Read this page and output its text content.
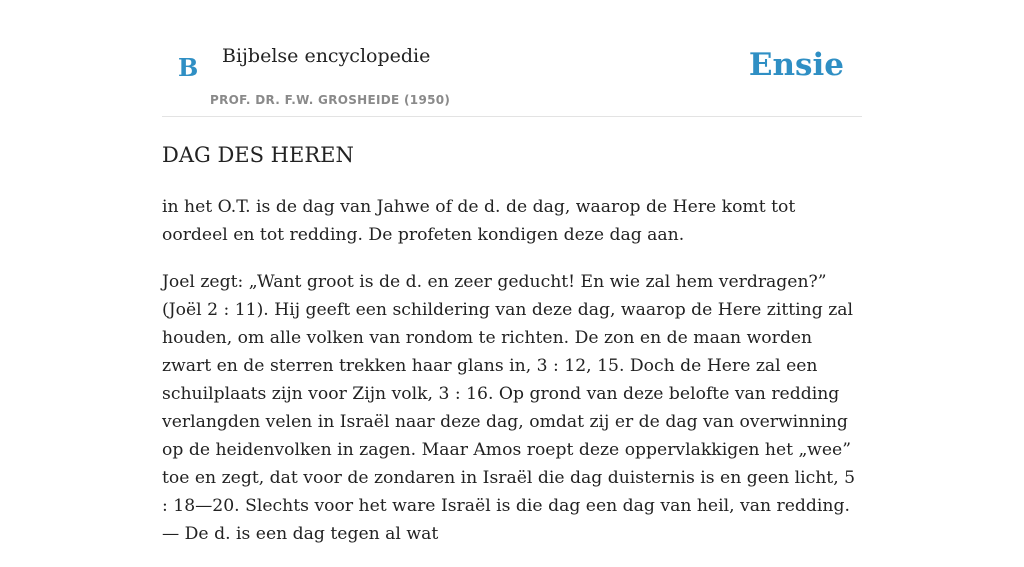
B Bijbelse encyclopedie
PROF. DR. F.W. GROSHEIDE (1950)
Ensie
DAG DES HEREN

in het O.T. is de dag van Jahwe of de d. de dag, waarop de Here komt tot oordeel en tot redding. De profeten kondigen deze dag aan.

Joel zegt: „Want groot is de d. en zeer geducht! En wie zal hem verdragen?” (Joël 2 : 11). Hij geeft een schildering van deze dag, waarop de Here zitting zal houden, om alle volken van rondom te richten. De zon en de maan worden zwart en de sterren trekken haar glans in, 3 : 12, 15. Doch de Here zal een schuilplaats zijn voor Zijn volk, 3 : 16. Op grond van deze belofte van redding verlangden velen in Israël naar deze dag, omdat zij er de dag van overwinning op de heidenvolken in zagen. Maar Amos roept deze oppervlakkigen het „wee” toe en zegt, dat voor de zondaren in Israël die dag duisternis is en geen licht, 5 : 18—20. Slechts voor het ware Israël is die dag een dag van heil, van redding. — De d. is een dag tegen al wat
